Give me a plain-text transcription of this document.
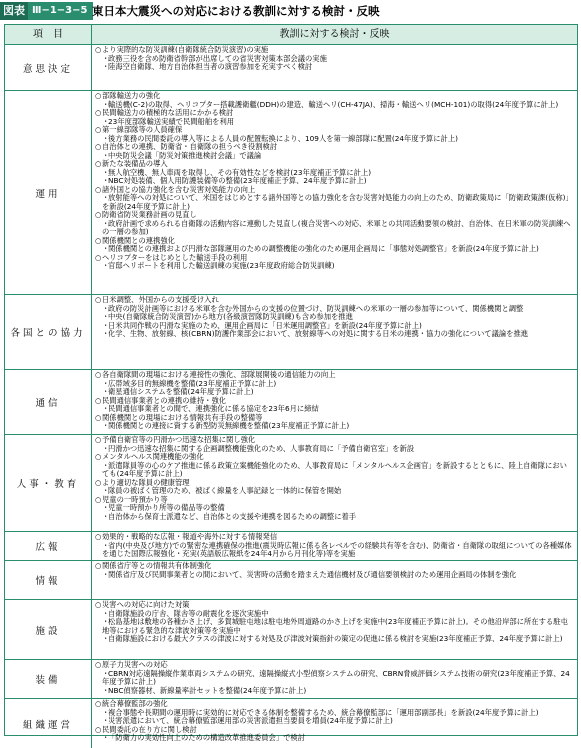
図表 Ⅲ−1−3−5 東日本大震災への対応における教訓に対する検討・反映
項　目	教訓に対する検討・反映
意思決定
○より実際的な防災訓練(自衛隊統合防災演習)の実施
・政務三役を含め防衛省幹部が出席しての省災害対策本部会議の実施
・陸海空自衛隊、地方自治体担当者の演習参加を充実すべく検討
運用
○部隊輸送力の強化
・輸送機(C-2)の取得、ヘリコプター搭載護衛艦(DDH)の建造、輸送ヘリ(CH-47JA)、掃海・輸送ヘリ(MCH-101)の取得(24年度予算に計上)
○民間輸送力の積極的な活用にかかる検討
・23年度部隊輸送実績で民間船舶を利用
○第一線部隊等の人員確保
・後方業務の民間委託の導入等による人員の配置転換により、109人を第一線部隊に配置(24年度予算に計上)
○自治体との連携、防衛省・自衛隊の担うべき役割検討
・中央防災会議「防災対策推進検討会議」で議論
○新たな装備品の導入
・無人航空機、無人車両を取得し、その有効性などを検討(23年度補正予算に計上)
・NBC対処装備、個人用防護装備等の整備(23年度補正予算、24年度予算に計上)
○諸外国との協力強化を含む災害対処能力の向上
・放射能等への対処について、米国をはじめとする諸外国等との協力強化を含む災害対処能力の向上のため、防衛政策局に「防衛政策課(仮称)」を新設(24年度予算に計上)
○防衛省防災業務計画の見直し
・政府計画で求められる自衛隊の活動内容に連動した見直し(複合災害への対応、米軍との共同活動要領の検討、自治体、在日米軍の防災訓練への一層の参加)
○関係機関との連携強化
・関係機関との連携および円滑な部隊運用のための調整機能の強化のため運用企画局に「事態対処調整官」を新設(24年度予算に計上)
○ヘリコプターをはじめとした輸送手段の利用
・官邸ヘリポートを利用した輸送訓練の実施(23年度政府総合防災訓練)
各国との協力
○日米調整、外国からの支援受け入れ
・政府の防災計画等における米軍を含む外国からの支援の位置づけ、防災訓練への米軍の一層の参加等について、関係機関と調整
・中央(自衛隊統合防災演習)から地方(各級演習隊防災訓練)も含め参加を推進
・日米共同作戦の円滑な実施のため、運用企画局に「日米運用調整官」を新設(24年度予算に計上)
・化学、生物、放射線、核(CBRN)防護作業部会において、放射線等への対処に関する日米の連携・協力の強化について議論を推進
通信
○各自衛隊間の現場における連接性の強化、部隊展開後の通信能力の向上
・広帯域多目的無線機を整備(23年度補正予算に計上)
・衛星通信システムを整備(24年度予算に計上)
○民間通信事業者との連携の維持・強化
・民間通信事業者との間で、連携強化に係る協定を23年6月に締結
○関係機関との現場における情報共有手段の整備等
・関係機関との連接に資する新型防災無線機を整備(23年度補正予算に計上)
人事・教育
○予備自衛官等の円滑かつ迅速な招集に関し強化
・円滑かつ迅速な招集に関する企画調整機能強化のため、人事教育局に「予備自衛官室」を新設
○メンタルヘルス関連機能の強化
・派遣隊員等の心のケア推進に係る政策立案機能強化のため、人事教育局に「メンタルヘルス企画官」を新設するとともに、陸上自衛隊においても(24年度予算に計上)
○より適切な隊員の健康管理
・隊員の被ばく管理のため、被ばく線量を人事記録と一体的に保管を開始
○児童の一時預かり等
・児童一時預かり所等の備品等の整備
・自治体から保育士派遣など、自治体との支援や連携を図るための調整に着手
広報
○効果的・戦略的な広報・報道や海外に対する情報発信
・省内(中央及び地方)での緊密な連携確保の推進(震災時広報に係る各レベルでの経験共有等を含む)、防衛省・自衛隊の取組についての各種媒体を通じた国際広報強化・充実(英語版広報紙を24年4月から月刊化等)等を実施
情報
○関係省庁等との情報共有体制強化
・関係省庁及び民間事業者との間において、災害時の活動を踏まえた通信機材及び通信要領検討のため運用企画局の体制を強化
施設
○災害への対応に向けた対策
・自衛隊施設の庁舎、隊舎等の耐震化を逐次実施中
・松島基地は敷地の各種かさ上げ、多賀城駐屯地は駐屯地外周道路のかさ上げを実施中(23年度補正予算に計上)。その他沿岸部に所在する駐屯地等における緊急的な津波対策等を実施中
・自衛隊施設における最大クラスの津波に対する対処及び津波対策指針の策定の促進に係る検討を実施(23年度補正予算、24年度予算に計上)
装備
○原子力災害への対応
・CBRN対応遠隔操縦作業車両システムの研究、遠隔操縦式小型偵察システムの研究、CBRN脅威評価システム技術の研究(23年度補正予算、24年度予算に計上)
・NBC偵察器材、新線量率計セットを整備(24年度予算に計上)
組織運営
○統合幕僚監部の強化
・複合事態や長期間の運用時に実効的に対応できる体制を整備するため、統合幕僚監部に「運用部副部長」を新設(24年度予算に計上)
・災害派遣において、統合幕僚監部運用部の災害派遣担当要員を増員(24年度予算に計上)
○民間委託の在り方に関し検討
・「防衛力の実効性向上のための構造改革推進委員会」で検討
